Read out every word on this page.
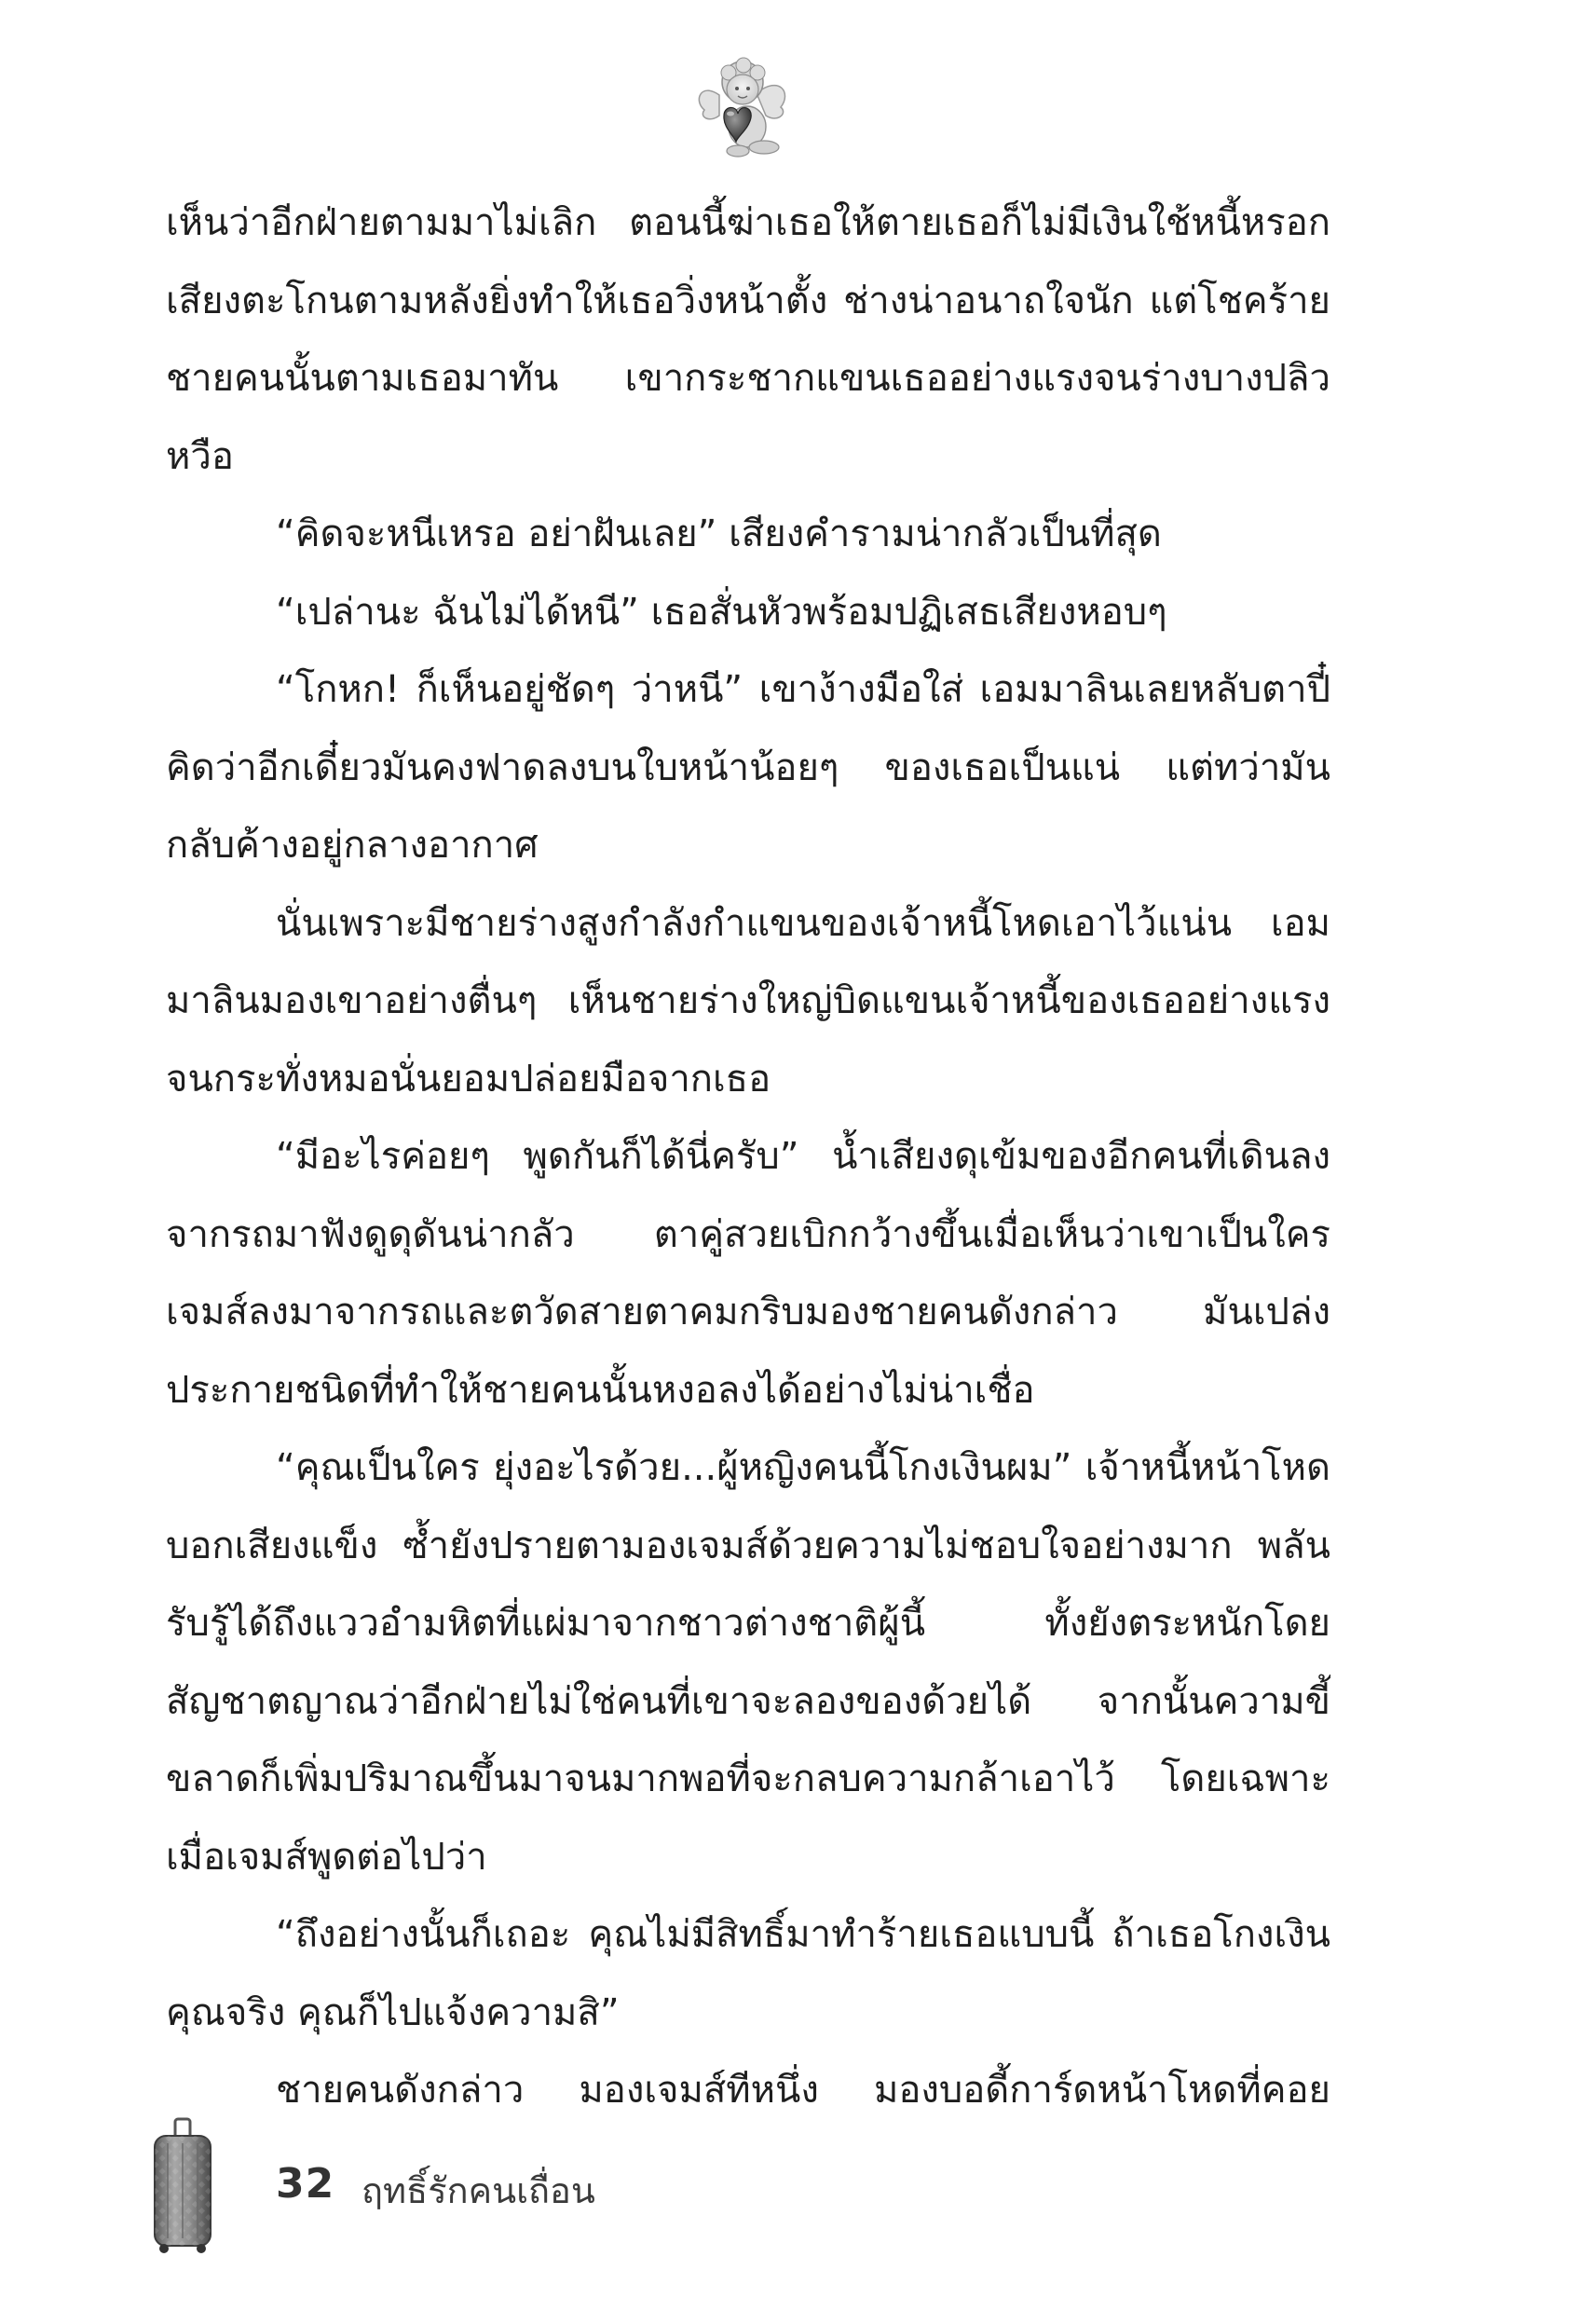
เห็นว่าอีกฝ่ายตามมาไม่เลิก ตอนนี้ฆ่าเธอให้ตายเธอก็ไม่มีเงินใช้หนี้หรอก เสียงตะโกนตามหลังยิ่งทำให้เธอวิ่งหน้าตั้ง ช่างน่าอนาถใจนัก แต่โชคร้ายชายคนนั้นตามเธอมาทัน เขากระชากแขนเธออย่างแรงจนร่างบางปลิวหวือ

“คิดจะหนีเหรอ อย่าฝันเลย” เสียงคำรามน่ากลัวเป็นที่สุด

“เปล่านะ ฉันไม่ได้หนี” เธอสั่นหัวพร้อมปฏิเสธเสียงหอบๆ

“โกหก! ก็เห็นอยู่ชัดๆ ว่าหนี” เขาง้างมือใส่ เอมมาลินเลยหลับตาปี๋ คิดว่าอีกเดี๋ยวมันคงฟาดลงบนใบหน้าน้อยๆ ของเธอเป็นแน่ แต่ทว่ามันกลับค้างอยู่กลางอากาศ

นั่นเพราะมีชายร่างสูงกำลังกำแขนของเจ้าหนี้โหดเอาไว้แน่น เอมมาลินมองเขาอย่างตื่นๆ เห็นชายร่างใหญ่บิดแขนเจ้าหนี้ของเธออย่างแรงจนกระทั่งหมอนั่นยอมปล่อยมือจากเธอ

“มีอะไรค่อยๆ พูดกันก็ได้นี่ครับ” น้ำเสียงดุเข้มของอีกคนที่เดินลงจากรถมาฟังดูดุดันน่ากลัว ตาคู่สวยเบิกกว้างขึ้นเมื่อเห็นว่าเขาเป็นใคร เจมส์ลงมาจากรถและตวัดสายตาคมกริบมองชายคนดังกล่าว มันเปล่งประกายชนิดที่ทำให้ชายคนนั้นหงอลงได้อย่างไม่น่าเชื่อ

“คุณเป็นใคร ยุ่งอะไรด้วย...ผู้หญิงคนนี้โกงเงินผม” เจ้าหนี้หน้าโหดบอกเสียงแข็ง ซ้ำยังปรายตามองเจมส์ด้วยความไม่ชอบใจอย่างมาก พลันรับรู้ได้ถึงแววอำมหิตที่แผ่มาจากชาวต่างชาติผู้นี้ ทั้งยังตระหนักโดยสัญชาตญาณว่าอีกฝ่ายไม่ใช่คนที่เขาจะลองของด้วยได้ จากนั้นความขี้ขลาดก็เพิ่มปริมาณขึ้นมาจนมากพอที่จะกลบความกล้าเอาไว้ โดยเฉพาะเมื่อเจมส์พูดต่อไปว่า

“ถึงอย่างนั้นก็เถอะ คุณไม่มีสิทธิ์มาทำร้ายเธอแบบนี้ ถ้าเธอโกงเงินคุณจริง คุณก็ไปแจ้งความสิ”

ชายคนดังกล่าว มองเจมส์ทีหนึ่ง มองบอดี้การ์ดหน้าโหดที่คอย

32 ฤทธิ์รักคนเถื่อน
